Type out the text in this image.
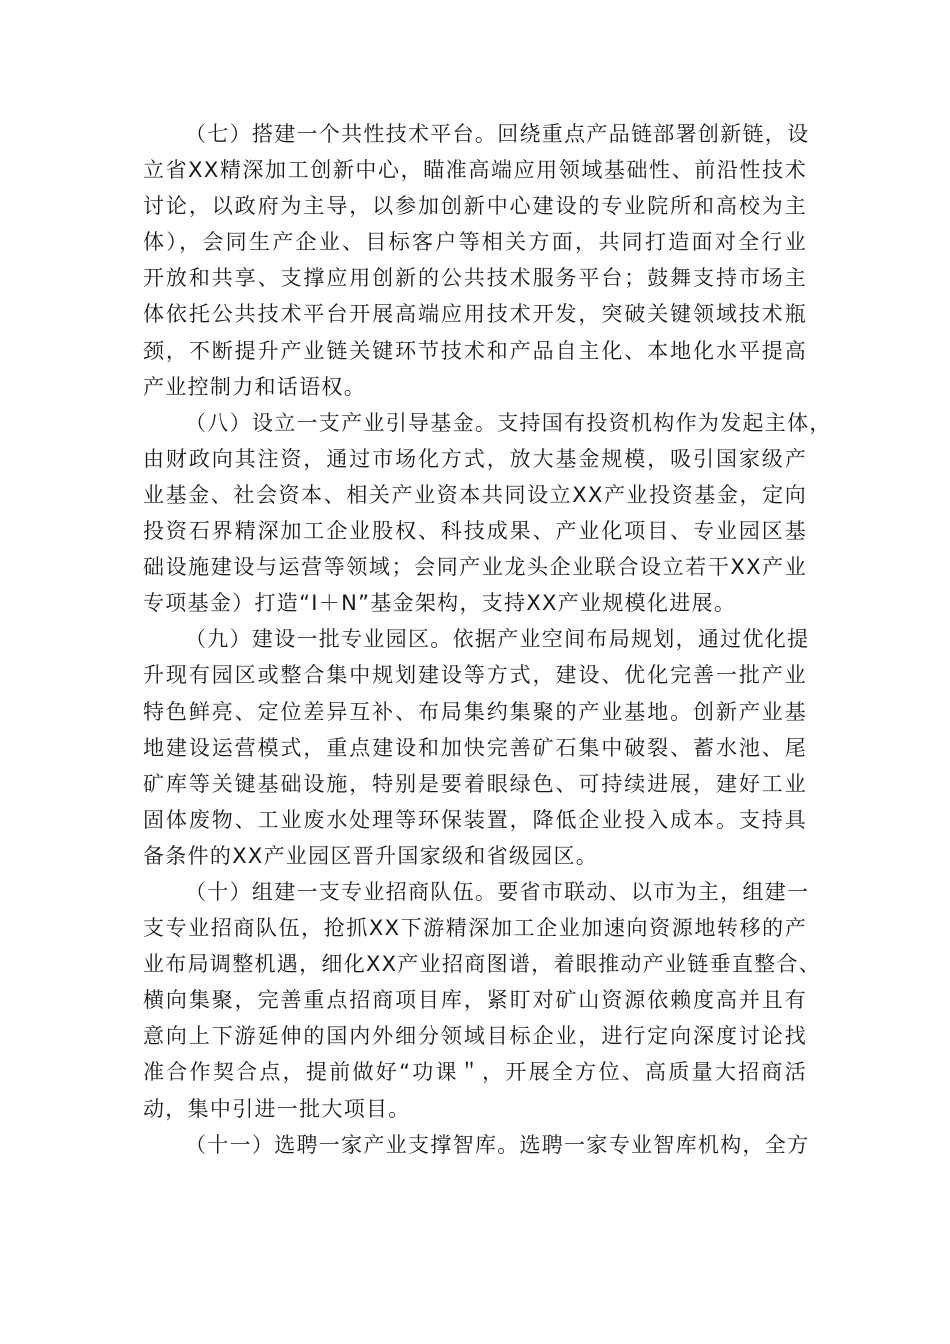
（七）搭建一个共性技术平台。回绕重点产品链部署创新链，设
立省XX精深加工创新中心，瞄准高端应用领域基础性、前沿性技术
讨论，以政府为主导，以参加创新中心建设的专业院所和高校为主
体），会同生产企业、目标客户等相关方面，共同打造面对全行业
开放和共享、支撑应用创新的公共技术服务平台；鼓舞支持市场主
体依托公共技术平台开展高端应用技术开发，突破关键领域技术瓶
颈，不断提升产业链关键环节技术和产品自主化、本地化水平提高
产业控制力和话语权。
（八）设立一支产业引导基金。支持国有投资机构作为发起主体，
由财政向其注资，通过市场化方式，放大基金规模，吸引国家级产
业基金、社会资本、相关产业资本共同设立XX产业投资基金，定向
投资石界精深加工企业股权、科技成果、产业化项目、专业园区基
础设施建设与运营等领域；会同产业龙头企业联合设立若干XX产业
专项基金）打造“I＋N”基金架构，支持XX产业规模化进展。
（九）建设一批专业园区。依据产业空间布局规划，通过优化提
升现有园区或整合集中规划建设等方式，建设、优化完善一批产业
特色鲜亮、定位差异互补、布局集约集聚的产业基地。创新产业基
地建设运营模式，重点建设和加快完善矿石集中破裂、蓄水池、尾
矿库等关键基础设施，特别是要着眼绿色、可持续进展，建好工业
固体废物、工业废水处理等环保装置，降低企业投入成本。支持具
备条件的XX产业园区晋升国家级和省级园区。
（十）组建一支专业招商队伍。要省市联动、以市为主，组建一
支专业招商队伍，抢抓XX下游精深加工企业加速向资源地转移的产
业布局调整机遇，细化XX产业招商图谱，着眼推动产业链垂直整合、
横向集聚，完善重点招商项目库，紧盯对矿山资源依赖度高并且有
意向上下游延伸的国内外细分领域目标企业，进行定向深度讨论找
准合作契合点，提前做好“功课＂，开展全方位、高质量大招商活
动，集中引进一批大项目。
（十一）选聘一家产业支撑智库。选聘一家专业智库机构，全方
